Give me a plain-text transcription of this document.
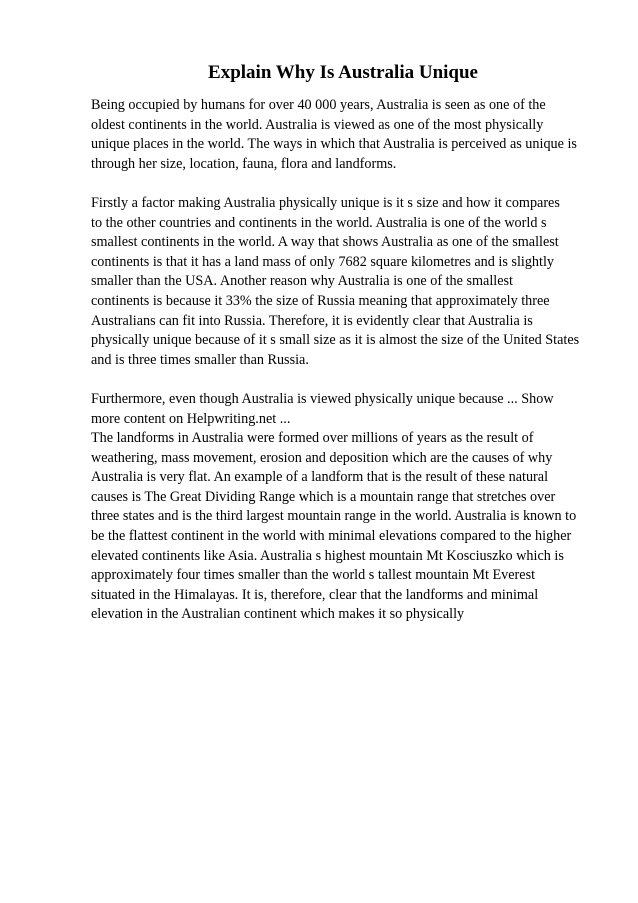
Explain Why Is Australia Unique
Being occupied by humans for over 40 000 years, Australia is seen as one of the
oldest continents in the world. Australia is viewed as one of the most physically
unique places in the world. The ways in which that Australia is perceived as unique is
through her size, location, fauna, flora and landforms.
Firstly a factor making Australia physically unique is it s size and how it compares
to the other countries and continents in the world. Australia is one of the world s
smallest continents in the world. A way that shows Australia as one of the smallest
continents is that it has a land mass of only 7682 square kilometres and is slightly
smaller than the USA. Another reason why Australia is one of the smallest
continents is because it 33% the size of Russia meaning that approximately three
Australians can fit into Russia. Therefore, it is evidently clear that Australia is
physically unique because of it s small size as it is almost the size of the United States
and is three times smaller than Russia.
Furthermore, even though Australia is viewed physically unique because ... Show
more content on Helpwriting.net ...
The landforms in Australia were formed over millions of years as the result of
weathering, mass movement, erosion and deposition which are the causes of why
Australia is very flat. An example of a landform that is the result of these natural
causes is The Great Dividing Range which is a mountain range that stretches over
three states and is the third largest mountain range in the world. Australia is known to
be the flattest continent in the world with minimal elevations compared to the higher
elevated continents like Asia. Australia s highest mountain Mt Kosciuszko which is
approximately four times smaller than the world s tallest mountain Mt Everest
situated in the Himalayas. It is, therefore, clear that the landforms and minimal
elevation in the Australian continent which makes it so physically
